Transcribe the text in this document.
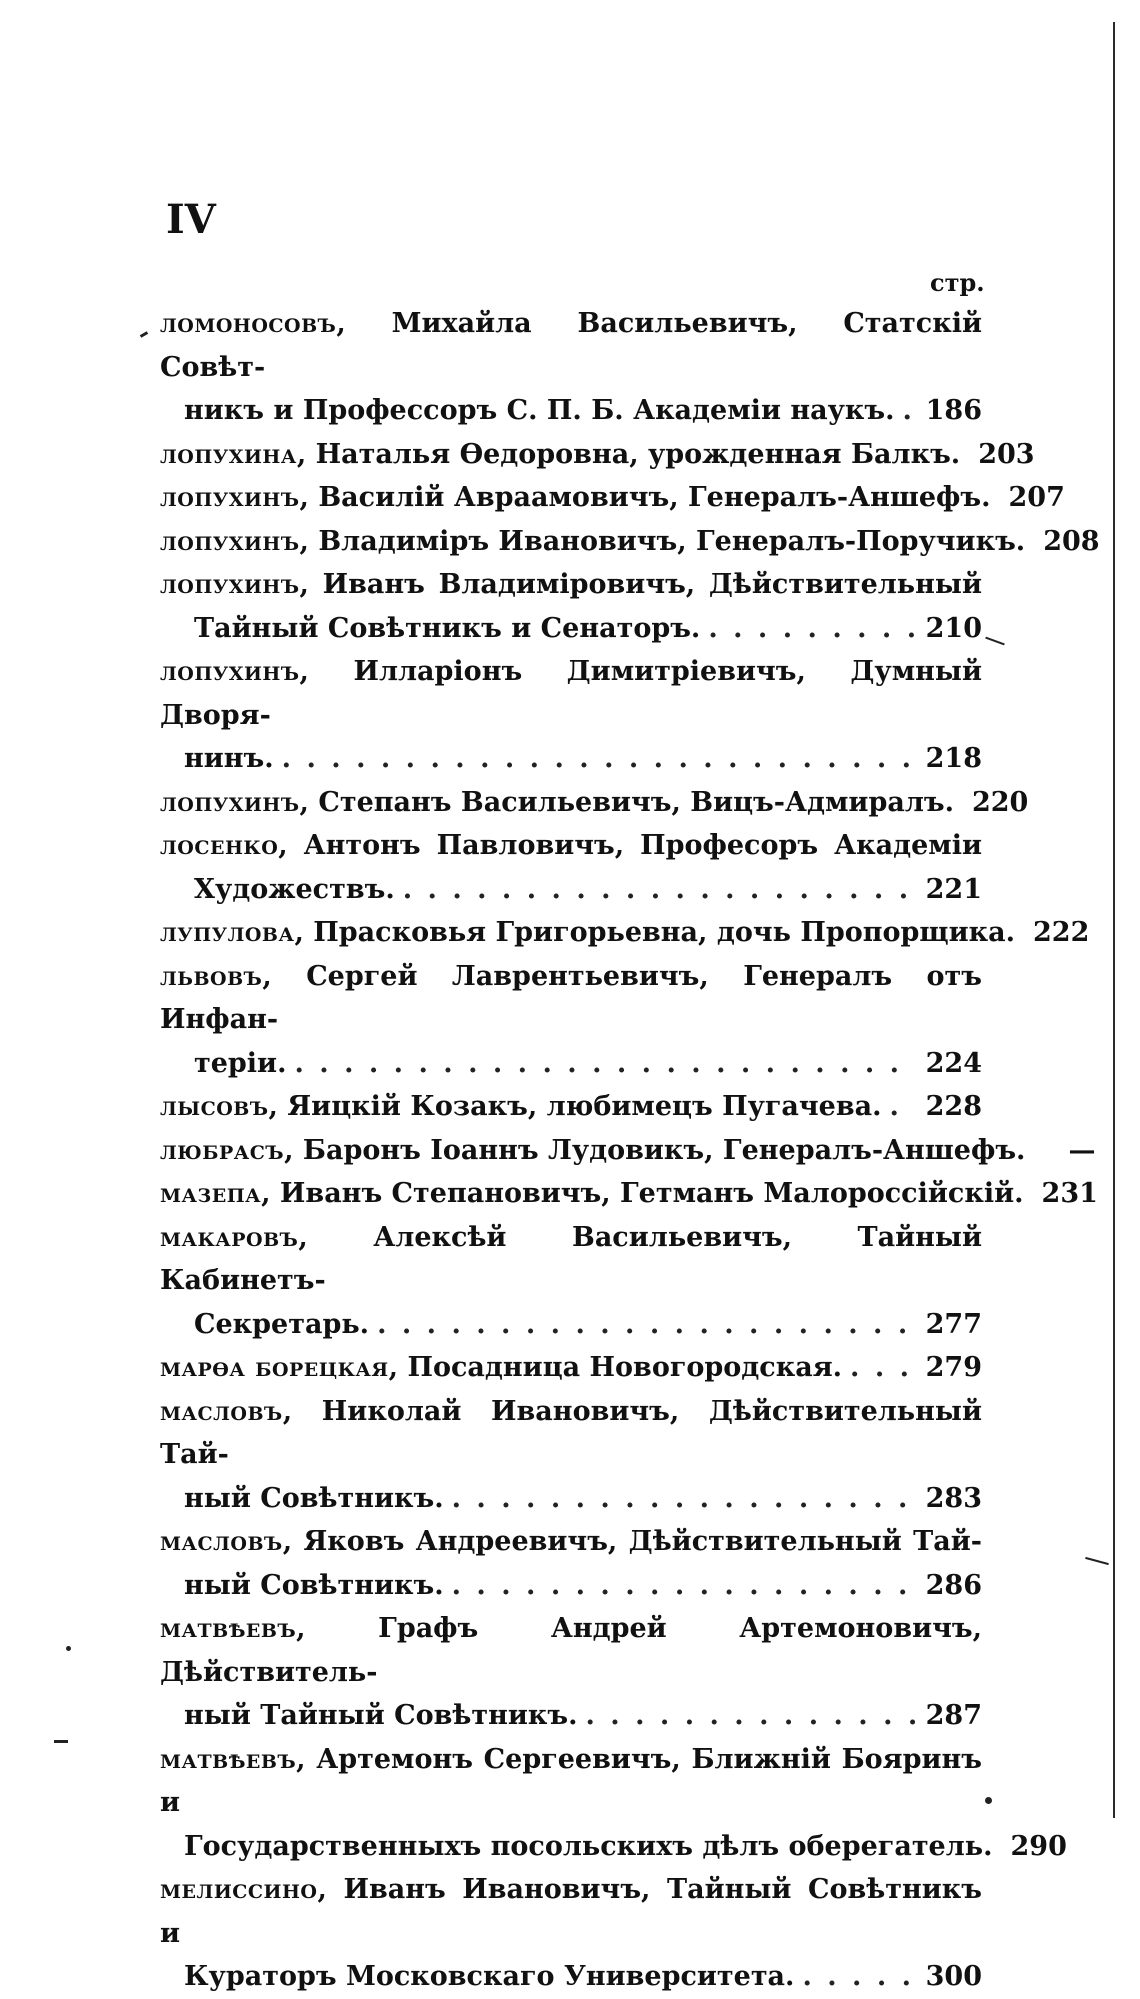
IV
стр.
ломоносовъ, Михайла Васильевичъ, Статскій Совѣт-
никъ и Профессоръ С. П. Б. Академіи наукъ. . . . 186
лопухина , Наталья Ѳедоровна, урожденная Балкъ. 203
лопухинъ , Василій Авраамовичъ, Генералъ-Аншефъ. 207
лопухинъ , Владиміръ Ивановичъ, Генералъ-Поручикъ. 208
лопухинъ, Иванъ Владиміровичъ, Дѣйствительный
Тайный Совѣтникъ и Сенаторъ. . . .	210
лопухинъ, Илларіонъ Димитріевичъ, Думный Дворя-
нинъ. . . .	218
лопухинъ , Степанъ Васильевичъ, Вицъ-Адмиралъ. 220
лосенко, Антонъ Павловичъ, Професоръ Академіи
Художествъ. . . .	221
лупулова , Прасковья Григорьевна, дочь Пропорщика. 222
львовъ, Сергей Лаврентьевичъ, Генералъ отъ Инфан-
теріи. . . .	224
лысовъ , Яицкій Козакъ, любимецъ Пугачева. . . . 228
любрасъ , Баронъ Іоаннъ Лудовикъ, Генералъ-Аншефъ.	—
мазепа , Иванъ Степановичъ, Гетманъ Малороссійскій. 231
макаровъ, Алексѣй Васильевичъ, Тайный Кабинетъ-
Секретарь. . . .	277
марѳа борецкая , Посадница Новогородская. . . .	279
масловъ, Николай Ивановичъ, Дѣйствительный Тай-
ный Совѣтникъ. . . .	283
масловъ, Яковъ Андреевичъ, Дѣйствительный Тай-
ный Совѣтникъ. . . .	286
матвѣевъ, Графъ Андрей Артемоновичъ, Дѣйствитель-
ный Тайный Совѣтникъ. . . .	287
матвѣевъ, Артемонъ Сергеевичъ, Ближній Бояринъ и
Государственныхъ посольскихъ дѣлъ оберегатель. 290
мелиссино, Иванъ Ивановичъ, Тайный Совѣтникъ и
Кураторъ Московскаго Университета. . . .	300
